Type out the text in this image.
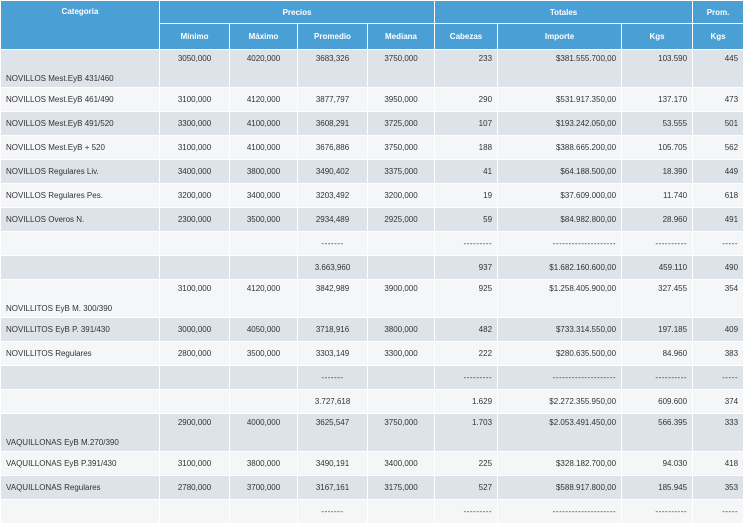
Categoria	Precios				Totales			Prom.
	Mínimo	Máximo	Promedio	Mediana	Cabezas	Importe	Kgs	Kgs
NOVILLOS Mest.EyB 431/460	3050,000	4020,000	3683,326	3750,000	233	$381.555.700,00	103.590	445
NOVILLOS Mest.EyB 461/490	3100,000	4120,000	3877,797	3950,000	290	$531.917.350,00	137.170	473
NOVILLOS Mest.EyB 491/520	3300,000	4100,000	3608,291	3725,000	107	$193.242.050,00	53.555	501
NOVILLOS Mest.EyB + 520	3100,000	4100,000	3676,886	3750,000	188	$388.665.200,00	105.705	562
NOVILLOS Regulares Liv.	3400,000	3800,000	3490,402	3375,000	41	$64.188.500,00	18.390	449
NOVILLOS Regulares Pes.	3200,000	3400,000	3203,492	3200,000	19	$37.609.000,00	11.740	618
NOVILLOS Overos N.	2300,000	3500,000	2934,489	2925,000	59	$84.982.800,00	28.960	491
			-------		---------	--------------------	----------	-----
			3.663,960		937	$1.682.160.600,00	459.110	490
NOVILLITOS EyB M. 300/390	3100,000	4120,000	3842,989	3900,000	925	$1.258.405.900,00	327.455	354
NOVILLITOS EyB P. 391/430	3000,000	4050,000	3718,916	3800,000	482	$733.314.550,00	197.185	409
NOVILLITOS Regulares	2800,000	3500,000	3303,149	3300,000	222	$280.635.500,00	84.960	383
			-------		---------	--------------------	----------	-----
			3.727,618		1.629	$2.272.355.950,00	609.600	374
VAQUILLONAS EyB M.270/390	2900,000	4000,000	3625,547	3750,000	1.703	$2.053.491.450,00	566.395	333
VAQUILLONAS EyB P.391/430	3100,000	3800,000	3490,191	3400,000	225	$328.182.700,00	94.030	418
VAQUILLONAS Regulares	2780,000	3700,000	3167,161	3175,000	527	$588.917.800,00	185.945	353
			-------		---------	--------------------	----------	-----
